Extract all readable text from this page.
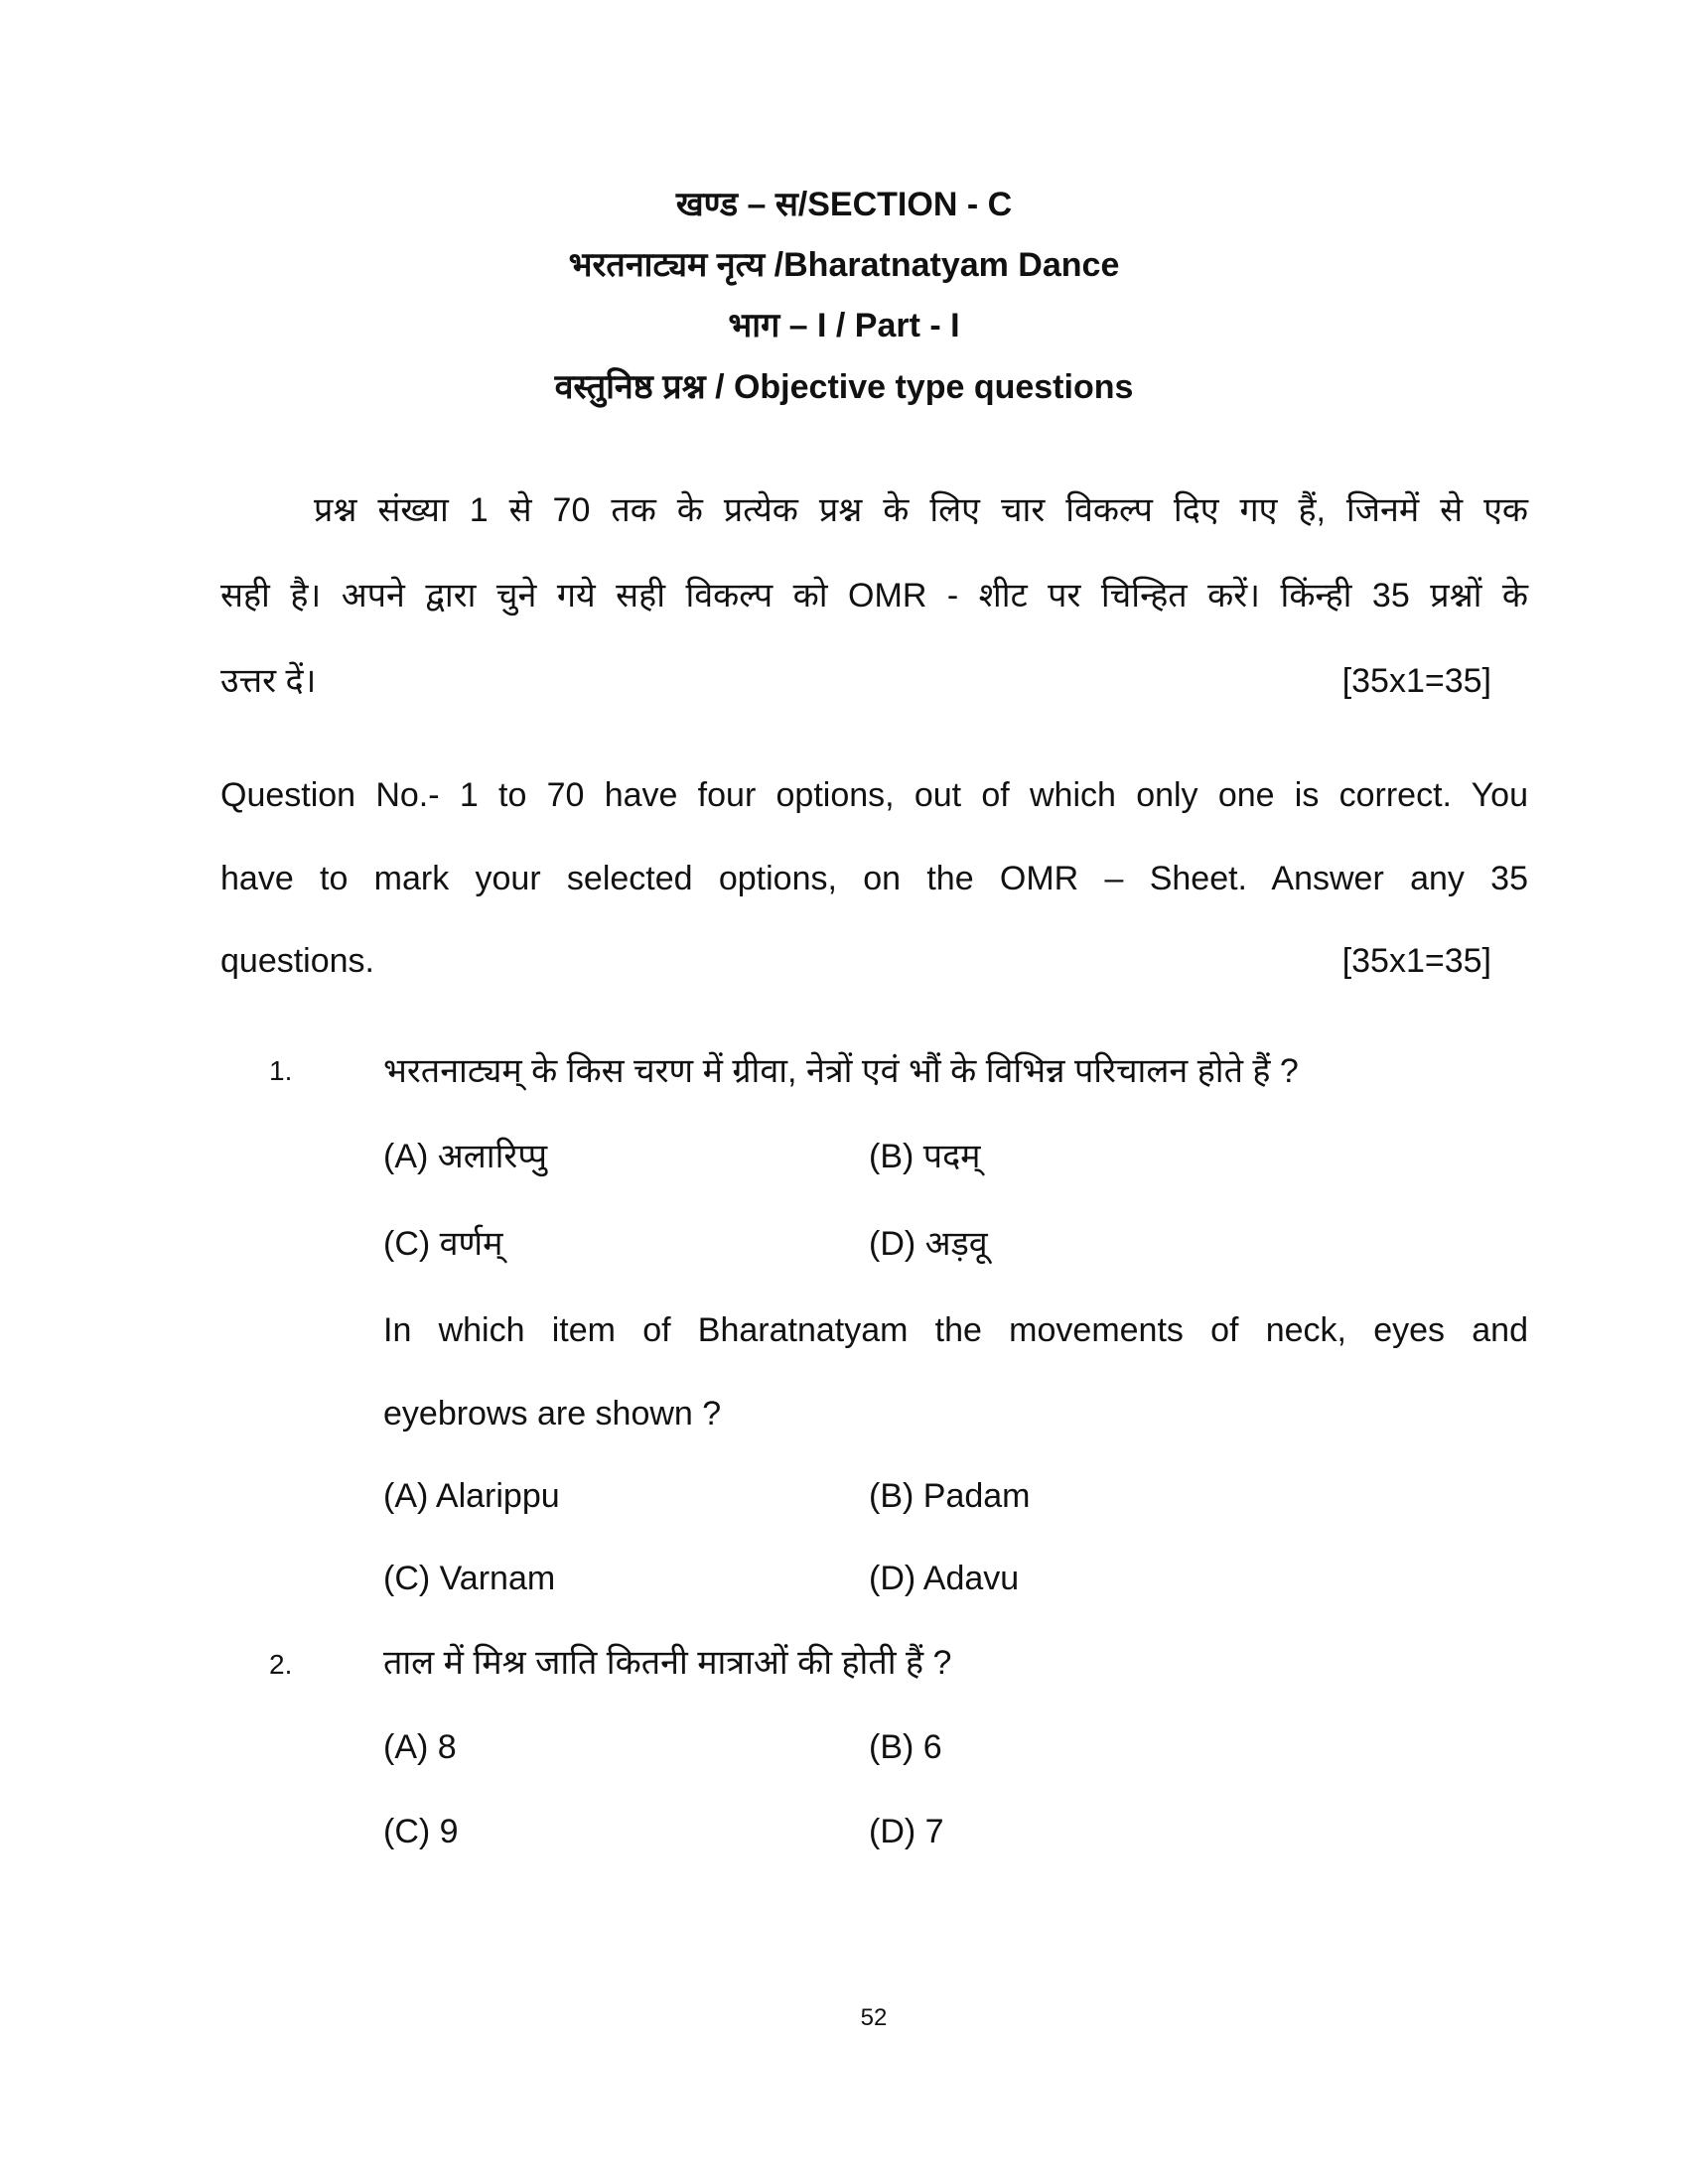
खण्ड – स/SECTION - C
भरतनाट्यम नृत्य /Bharatnatyam Dance
भाग – I / Part - I
वस्तुनिष्ठ प्रश्न / Objective type questions
प्रश्न संख्या 1 से 70 तक के प्रत्येक प्रश्न के लिए चार विकल्प दिए गए हैं, जिनमें से एक
सही है। अपने द्वारा चुने गये सही विकल्प को OMR - शीट पर चिन्हित करें। किंन्ही 35 प्रश्नों के
उत्तर दें।	[35x1=35]
Question No.- 1 to 70 have four options, out of which only one is correct. You
have to mark your selected options, on the OMR – Sheet. Answer any 35
questions.	[35x1=35]
1.	भरतनाट्यम् के किस चरण में ग्रीवा, नेत्रों एवं भौं के विभिन्न परिचालन होते हैं ?
(A) अलारिप्पु	(B) पदम्
(C) वर्णम्	(D) अड़वू
In which item of Bharatnatyam the movements of neck, eyes and
eyebrows are shown ?
(A) Alarippu	(B) Padam
(C) Varnam	(D) Adavu
2.	ताल में मिश्र जाति कितनी मात्राओं की होती हैं ?
(A) 8	(B) 6
(C) 9	(D) 7
52
